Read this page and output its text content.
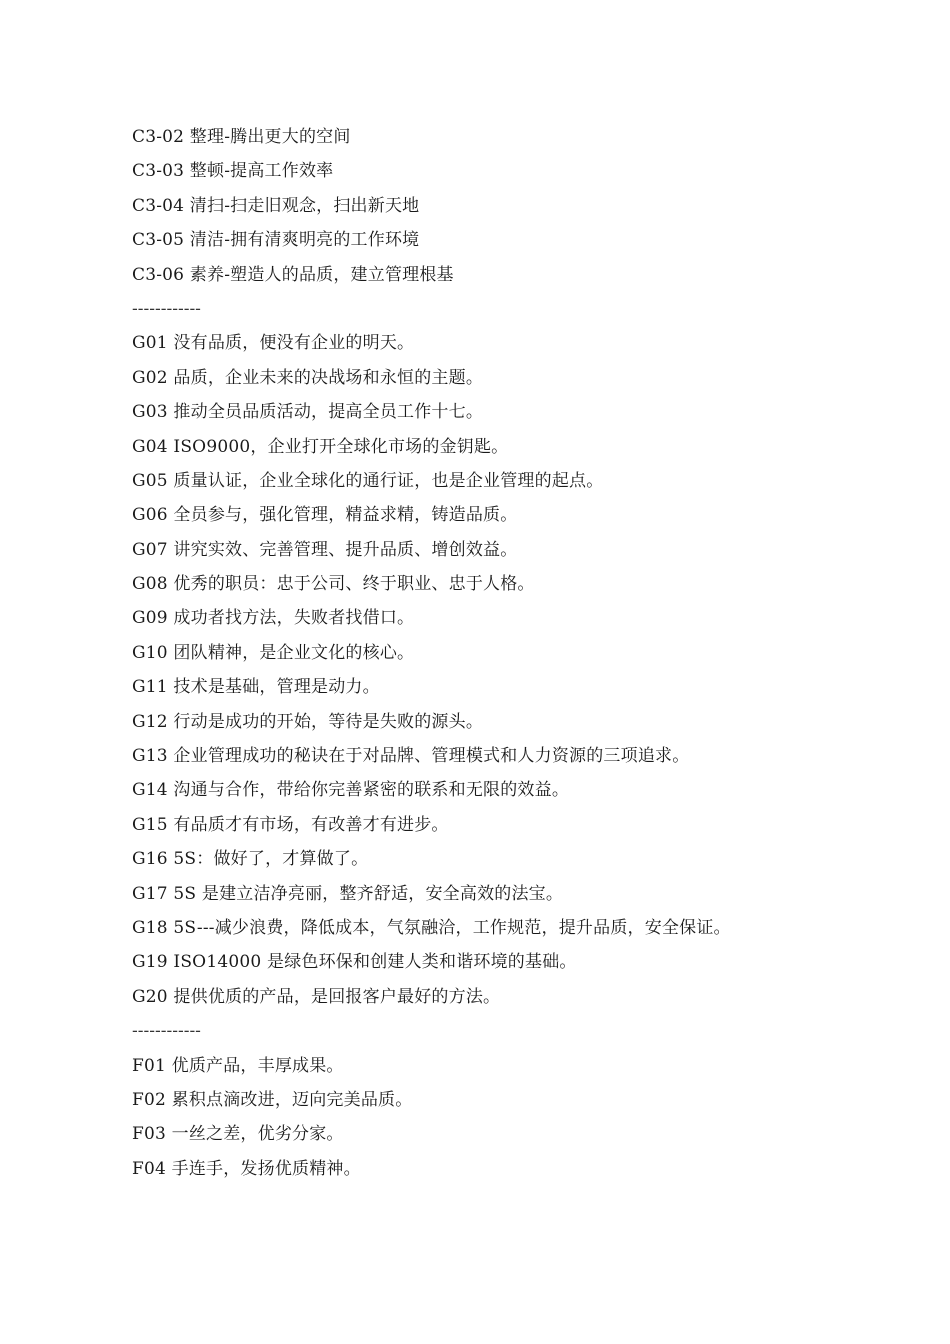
C3-02 整理-腾出更大的空间
C3-03 整顿-提高工作效率
C3-04 清扫-扫走旧观念，扫出新天地
C3-05 清洁-拥有清爽明亮的工作环境
C3-06 素养-塑造人的品质，建立管理根基
------------
G01 没有品质，便没有企业的明天。
G02 品质，企业未来的决战场和永恒的主题。
G03 推动全员品质活动，提高全员工作十七。
G04 ISO9000，企业打开全球化市场的金钥匙。
G05 质量认证，企业全球化的通行证，也是企业管理的起点。
G06 全员参与，强化管理，精益求精，铸造品质。
G07 讲究实效、完善管理、提升品质、增创效益。
G08 优秀的职员：忠于公司、终于职业、忠于人格。
G09 成功者找方法，失败者找借口。
G10 团队精神，是企业文化的核心。
G11 技术是基础，管理是动力。
G12 行动是成功的开始，等待是失败的源头。
G13 企业管理成功的秘诀在于对品牌、管理模式和人力资源的三项追求。
G14 沟通与合作，带给你完善紧密的联系和无限的效益。
G15 有品质才有市场，有改善才有进步。
G16 5S：做好了，才算做了。
G17 5S 是建立洁净亮丽，整齐舒适，安全高效的法宝。
G18 5S---减少浪费，降低成本，气氛融洽，工作规范，提升品质，安全保证。
G19 ISO14000 是绿色环保和创建人类和谐环境的基础。
G20 提供优质的产品，是回报客户最好的方法。
------------
F01 优质产品，丰厚成果。
F02 累积点滴改进，迈向完美品质。
F03 一丝之差，优劣分家。
F04 手连手，发扬优质精神。
